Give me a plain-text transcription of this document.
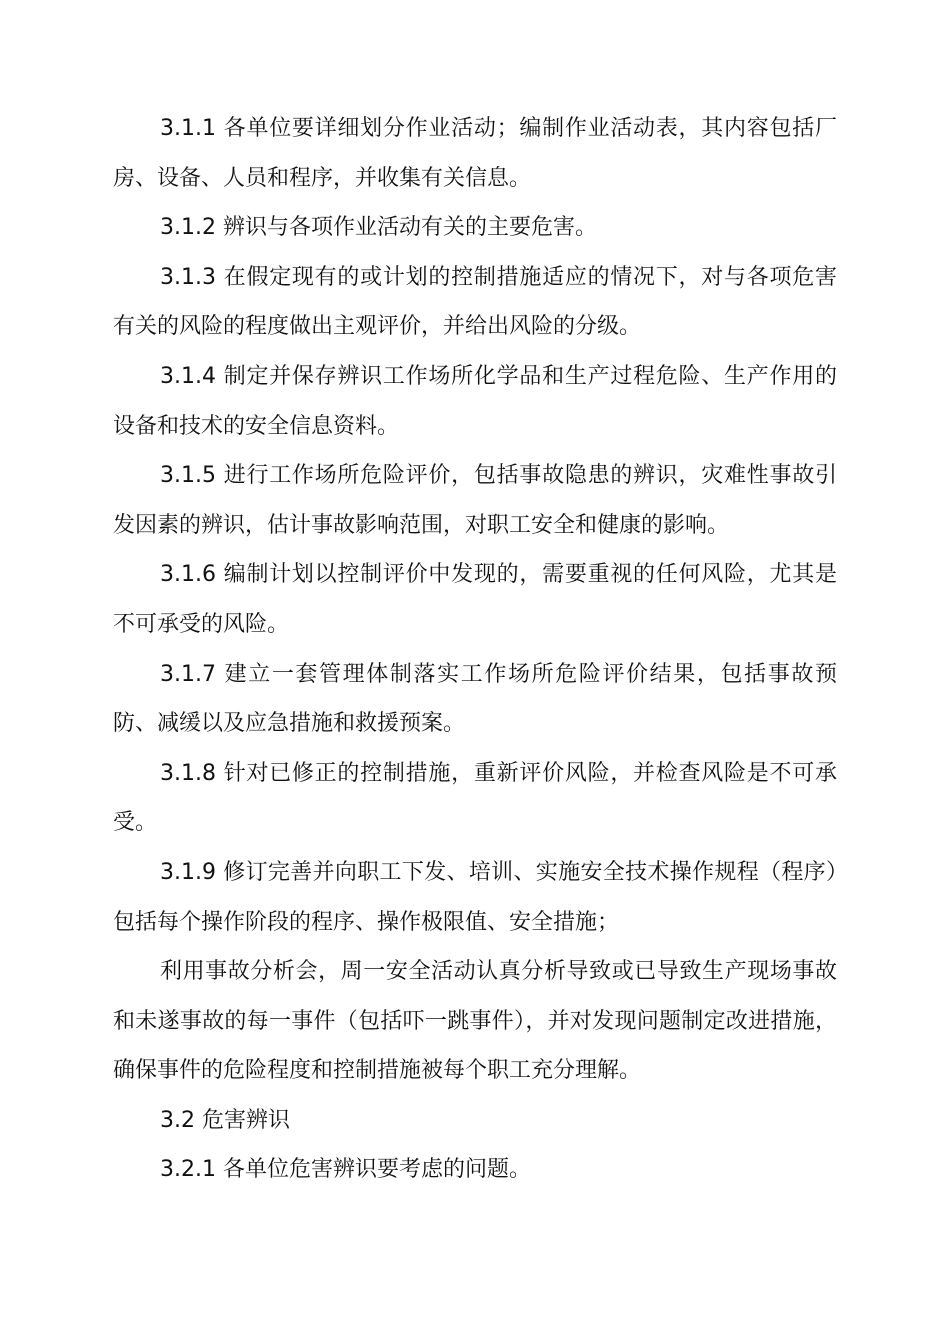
3.1.1 各单位要详细划分作业活动；编制作业活动表，其内容包括厂房、设备、人员和程序，并收集有关信息。

3.1.2 辨识与各项作业活动有关的主要危害。

3.1.3 在假定现有的或计划的控制措施适应的情况下，对与各项危害有关的风险的程度做出主观评价，并给出风险的分级。

3.1.4 制定并保存辨识工作场所化学品和生产过程危险、生产作用的设备和技术的安全信息资料。

3.1.5 进行工作场所危险评价，包括事故隐患的辨识，灾难性事故引发因素的辨识，估计事故影响范围，对职工安全和健康的影响。

3.1.6 编制计划以控制评价中发现的，需要重视的任何风险，尤其是不可承受的风险。

3.1.7 建立一套管理体制落实工作场所危险评价结果，包括事故预防、减缓以及应急措施和救援预案。

3.1.8 针对已修正的控制措施，重新评价风险，并检查风险是不可承受。

3.1.9 修订完善并向职工下发、培训、实施安全技术操作规程（程序）包括每个操作阶段的程序、操作极限值、安全措施；

利用事故分析会，周一安全活动认真分析导致或已导致生产现场事故和未遂事故的每一事件（包括吓一跳事件），并对发现问题制定改进措施，确保事件的危险程度和控制措施被每个职工充分理解。

3.2 危害辨识

3.2.1 各单位危害辨识要考虑的问题。
